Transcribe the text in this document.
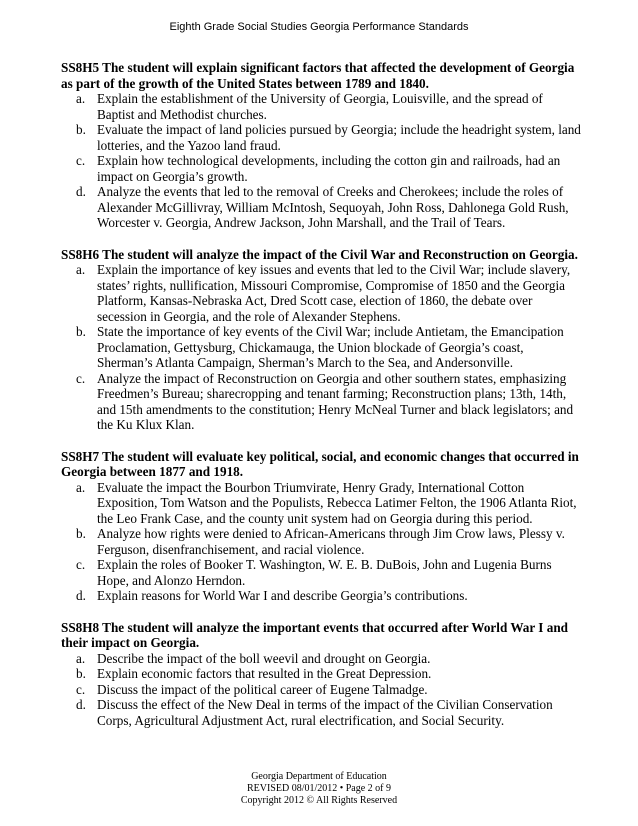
Eighth Grade Social Studies Georgia Performance Standards

SS8H5 The student will explain significant factors that affected the development of Georgia as part of the growth of the United States between 1789 and 1840.

a. Explain the establishment of the University of Georgia, Louisville, and the spread of Baptist and Methodist churches.
b. Evaluate the impact of land policies pursued by Georgia; include the headright system, land lotteries, and the Yazoo land fraud.
c. Explain how technological developments, including the cotton gin and railroads, had an impact on Georgia’s growth.
d. Analyze the events that led to the removal of Creeks and Cherokees; include the roles of Alexander McGillivray, William McIntosh, Sequoyah, John Ross, Dahlonega Gold Rush, Worcester v. Georgia, Andrew Jackson, John Marshall, and the Trail of Tears.

SS8H6 The student will analyze the impact of the Civil War and Reconstruction on Georgia.

a. Explain the importance of key issues and events that led to the Civil War; include slavery, states’ rights, nullification, Missouri Compromise, Compromise of 1850 and the Georgia Platform, Kansas-Nebraska Act, Dred Scott case, election of 1860, the debate over secession in Georgia, and the role of Alexander Stephens.
b. State the importance of key events of the Civil War; include Antietam, the Emancipation Proclamation, Gettysburg, Chickamauga, the Union blockade of Georgia’s coast, Sherman’s Atlanta Campaign, Sherman’s March to the Sea, and Andersonville.
c. Analyze the impact of Reconstruction on Georgia and other southern states, emphasizing Freedmen’s Bureau; sharecropping and tenant farming; Reconstruction plans; 13th, 14th, and 15th amendments to the constitution; Henry McNeal Turner and black legislators; and the Ku Klux Klan.

SS8H7 The student will evaluate key political, social, and economic changes that occurred in Georgia between 1877 and 1918.

a. Evaluate the impact the Bourbon Triumvirate, Henry Grady, International Cotton Exposition, Tom Watson and the Populists, Rebecca Latimer Felton, the 1906 Atlanta Riot, the Leo Frank Case, and the county unit system had on Georgia during this period.
b. Analyze how rights were denied to African-Americans through Jim Crow laws, Plessy v. Ferguson, disenfranchisement, and racial violence.
c. Explain the roles of Booker T. Washington, W. E. B. DuBois, John and Lugenia Burns Hope, and Alonzo Herndon.
d. Explain reasons for World War I and describe Georgia’s contributions.

SS8H8 The student will analyze the important events that occurred after World War I and their impact on Georgia.

a. Describe the impact of the boll weevil and drought on Georgia.
b. Explain economic factors that resulted in the Great Depression.
c. Discuss the impact of the political career of Eugene Talmadge.
d. Discuss the effect of the New Deal in terms of the impact of the Civilian Conservation Corps, Agricultural Adjustment Act, rural electrification, and Social Security.
Georgia Department of Education
REVISED 08/01/2012 • Page 2 of 9
Copyright 2012 © All Rights Reserved
